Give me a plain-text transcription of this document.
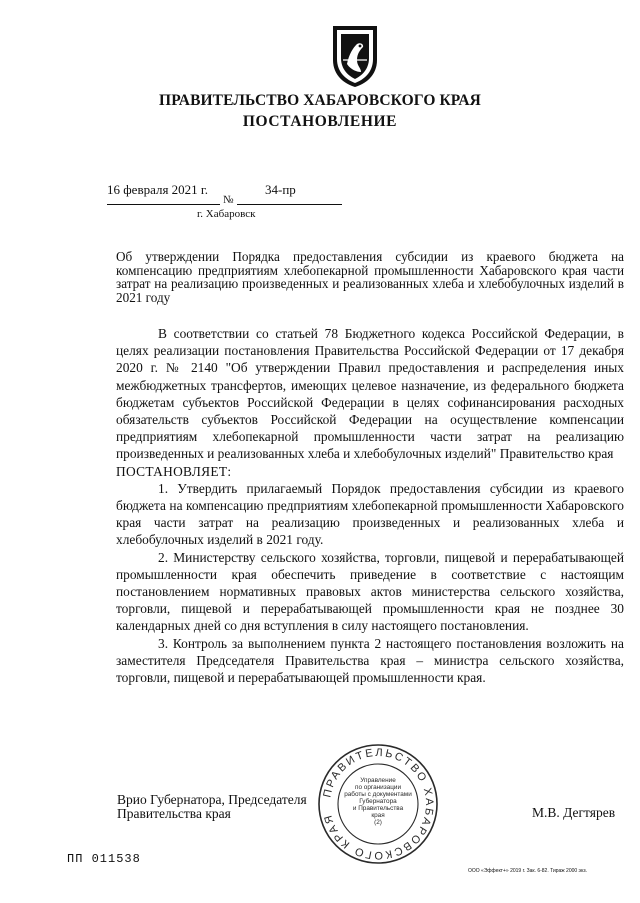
ПРАВИТЕЛЬСТВО ХАБАРОВСКОГО КРАЯ
ПОСТАНОВЛЕНИЕ
16 февраля 2021 г.
№
34-пр
г. Хабаровск
Об утверждении Порядка предоставления субсидии из краевого бюджета на компенсацию предприятиям хлебопекарной промышленности Хабаровского края части затрат на реализацию произведенных и реализованных хлеба и хлебобулочных изделий в 2021 году

В соответствии со статьей 78 Бюджетного кодекса Российской Федерации, в целях реализации постановления Правительства Российской Федерации от 17 декабря 2020 г. № 2140 "Об утверждении Правил предоставления и распределения иных межбюджетных трансфертов, имеющих целевое назначение, из федерального бюджета бюджетам субъектов Российской Федерации в целях софинансирования расходных обязательств субъектов Российской Федерации на осуществление компенсации предприятиям хлебопекарной промышленности части затрат на реализацию произведенных и реализованных хлеба и хлебобулочных изделий" Правительство края

ПОСТАНОВЛЯЕТ:

1. Утвердить прилагаемый Порядок предоставления субсидии из краевого бюджета на компенсацию предприятиям хлебопекарной промышленности Хабаровского края части затрат на реализацию произведенных и реализованных хлеба и хлебобулочных изделий в 2021 году.

2. Министерству сельского хозяйства, торговли, пищевой и перерабатывающей промышленности края обеспечить приведение в соответствие с настоящим постановлением нормативных правовых актов министерства сельского хозяйства, торговли, пищевой и перерабатывающей промышленности края не позднее 30 календарных дней со дня вступления в силу настоящего постановления.

3. Контроль за выполнением пункта 2 настоящего постановления возложить на заместителя Председателя Правительства края – министра сельского хозяйства, торговли, пищевой и перерабатывающей промышленности края.

ПРАВИТЕЛЬСТВО ХАБАРОВСКОГО КРАЯ
Управление
по организации
работы с документами
Губернатора
и Правительства
края
(2)
Врио Губернатора, Председателя
Правительства края	М.В. Дегтярев
ПП 011538
ООО «Эффект+» 2019 г. Зак. 6-82. Тираж 2000 экз.
